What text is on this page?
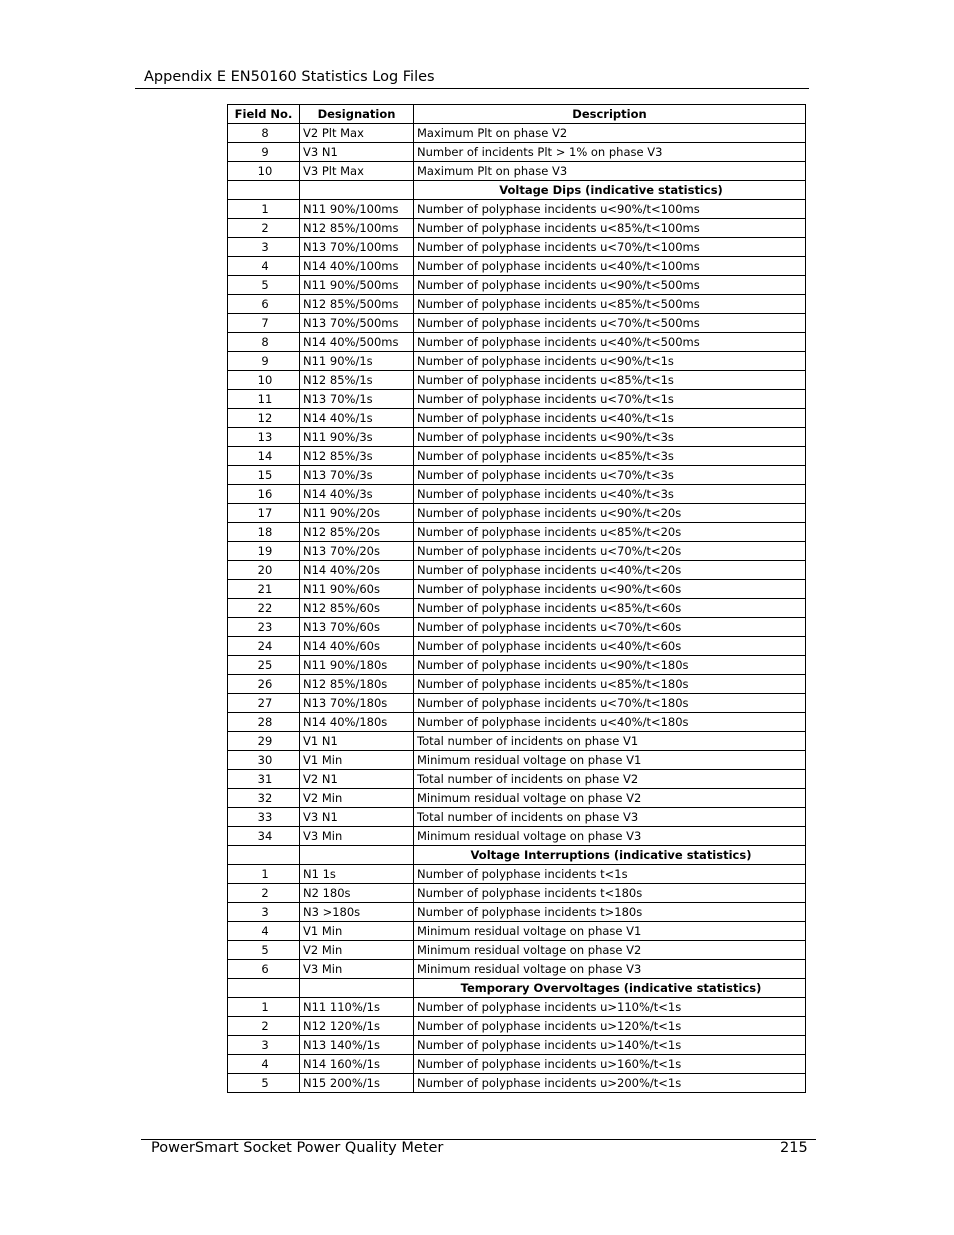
Appendix E EN50160 Statistics Log Files
Field No.	Designation	Description
8	V2 Plt Max	Maximum Plt on phase V2
9	V3 N1	Number of incidents Plt > 1% on phase V3
10	V3 Plt Max	Maximum Plt on phase V3
		Voltage Dips (indicative statistics)
1	N11 90%/100ms	Number of polyphase incidents u<90%/t<100ms
2	N12 85%/100ms	Number of polyphase incidents u<85%/t<100ms
3	N13 70%/100ms	Number of polyphase incidents u<70%/t<100ms
4	N14 40%/100ms	Number of polyphase incidents u<40%/t<100ms
5	N11 90%/500ms	Number of polyphase incidents u<90%/t<500ms
6	N12 85%/500ms	Number of polyphase incidents u<85%/t<500ms
7	N13 70%/500ms	Number of polyphase incidents u<70%/t<500ms
8	N14 40%/500ms	Number of polyphase incidents u<40%/t<500ms
9	N11 90%/1s	Number of polyphase incidents u<90%/t<1s
10	N12 85%/1s	Number of polyphase incidents u<85%/t<1s
11	N13 70%/1s	Number of polyphase incidents u<70%/t<1s
12	N14 40%/1s	Number of polyphase incidents u<40%/t<1s
13	N11 90%/3s	Number of polyphase incidents u<90%/t<3s
14	N12 85%/3s	Number of polyphase incidents u<85%/t<3s
15	N13 70%/3s	Number of polyphase incidents u<70%/t<3s
16	N14 40%/3s	Number of polyphase incidents u<40%/t<3s
17	N11 90%/20s	Number of polyphase incidents u<90%/t<20s
18	N12 85%/20s	Number of polyphase incidents u<85%/t<20s
19	N13 70%/20s	Number of polyphase incidents u<70%/t<20s
20	N14 40%/20s	Number of polyphase incidents u<40%/t<20s
21	N11 90%/60s	Number of polyphase incidents u<90%/t<60s
22	N12 85%/60s	Number of polyphase incidents u<85%/t<60s
23	N13 70%/60s	Number of polyphase incidents u<70%/t<60s
24	N14 40%/60s	Number of polyphase incidents u<40%/t<60s
25	N11 90%/180s	Number of polyphase incidents u<90%/t<180s
26	N12 85%/180s	Number of polyphase incidents u<85%/t<180s
27	N13 70%/180s	Number of polyphase incidents u<70%/t<180s
28	N14 40%/180s	Number of polyphase incidents u<40%/t<180s
29	V1 N1	Total number of incidents on phase V1
30	V1 Min	Minimum residual voltage on phase V1
31	V2 N1	Total number of incidents on phase V2
32	V2 Min	Minimum residual voltage on phase V2
33	V3 N1	Total number of incidents on phase V3
34	V3 Min	Minimum residual voltage on phase V3
		Voltage Interruptions (indicative statistics)
1	N1 1s	Number of polyphase incidents t<1s
2	N2 180s	Number of polyphase incidents t<180s
3	N3 >180s	Number of polyphase incidents t>180s
4	V1 Min	Minimum residual voltage on phase V1
5	V2 Min	Minimum residual voltage on phase V2
6	V3 Min	Minimum residual voltage on phase V3
		Temporary Overvoltages (indicative statistics)
1	N11 110%/1s	Number of polyphase incidents u>110%/t<1s
2	N12 120%/1s	Number of polyphase incidents u>120%/t<1s
3	N13 140%/1s	Number of polyphase incidents u>140%/t<1s
4	N14 160%/1s	Number of polyphase incidents u>160%/t<1s
5	N15 200%/1s	Number of polyphase incidents u>200%/t<1s
PowerSmart Socket Power Quality Meter	215
